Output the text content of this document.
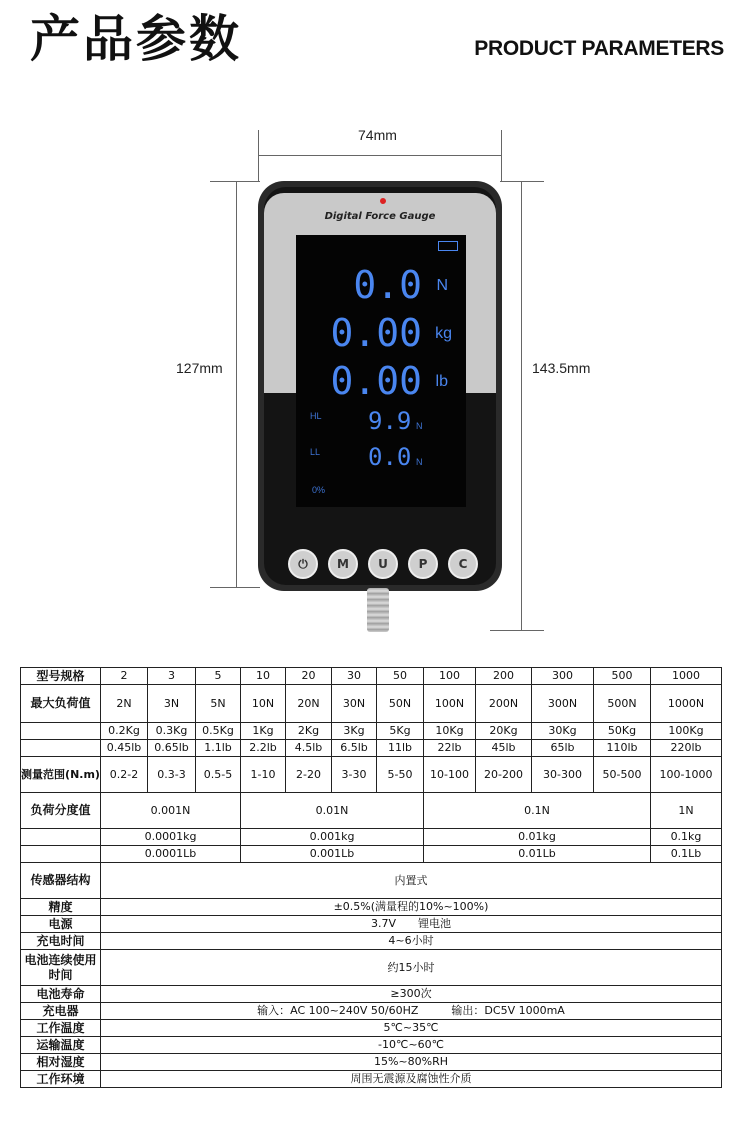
产品参数	PRODUCT PARAMETERS
74mm
127mm	143.5mm
Digital Force Gauge
0.0 N
0.00 kg
0.00 lb
HL 9.9 N
LL 0.0 N
0%
⏻	M	U	P	C
型号规格	2	3	5	10	20	30	50	100	200	300	500	1000
最大负荷值	2N	3N	5N	10N	20N	30N	50N	100N	200N	300N	500N	1000N
	0.2Kg	0.3Kg	0.5Kg	1Kg	2Kg	3Kg	5Kg	10Kg	20Kg	30Kg	50Kg	100Kg
	0.45lb	0.65lb	1.1lb	2.2lb	4.5lb	6.5lb	11lb	22lb	45lb	65lb	110lb	220lb
测量范围(N.m)	0.2-2	0.3-3	0.5-5	1-10	2-20	3-30	5-50	10-100	20-200	30-300	50-500	100-1000
负荷分度值	0.001N			0.01N				0.1N				1N
	0.0001kg			0.001kg				0.01kg				0.1kg
	0.0001Lb			0.001Lb				0.01Lb				0.1Lb
传感器结构	内置式											
精度	±0.5%(满量程的10%~100%)											
电源	3.7V　　锂电池											
充电时间	4~6小时											
电池连续使用时间	约15小时											
电池寿命	≥300次											
充电器	输入：AC 100~240V 50/60HZ　　　输出：DC5V 1000mA											
工作温度	5℃~35℃											
运输温度	-10℃~60℃											
相对湿度	15%~80%RH											
工作环境	周围无震源及腐蚀性介质											
